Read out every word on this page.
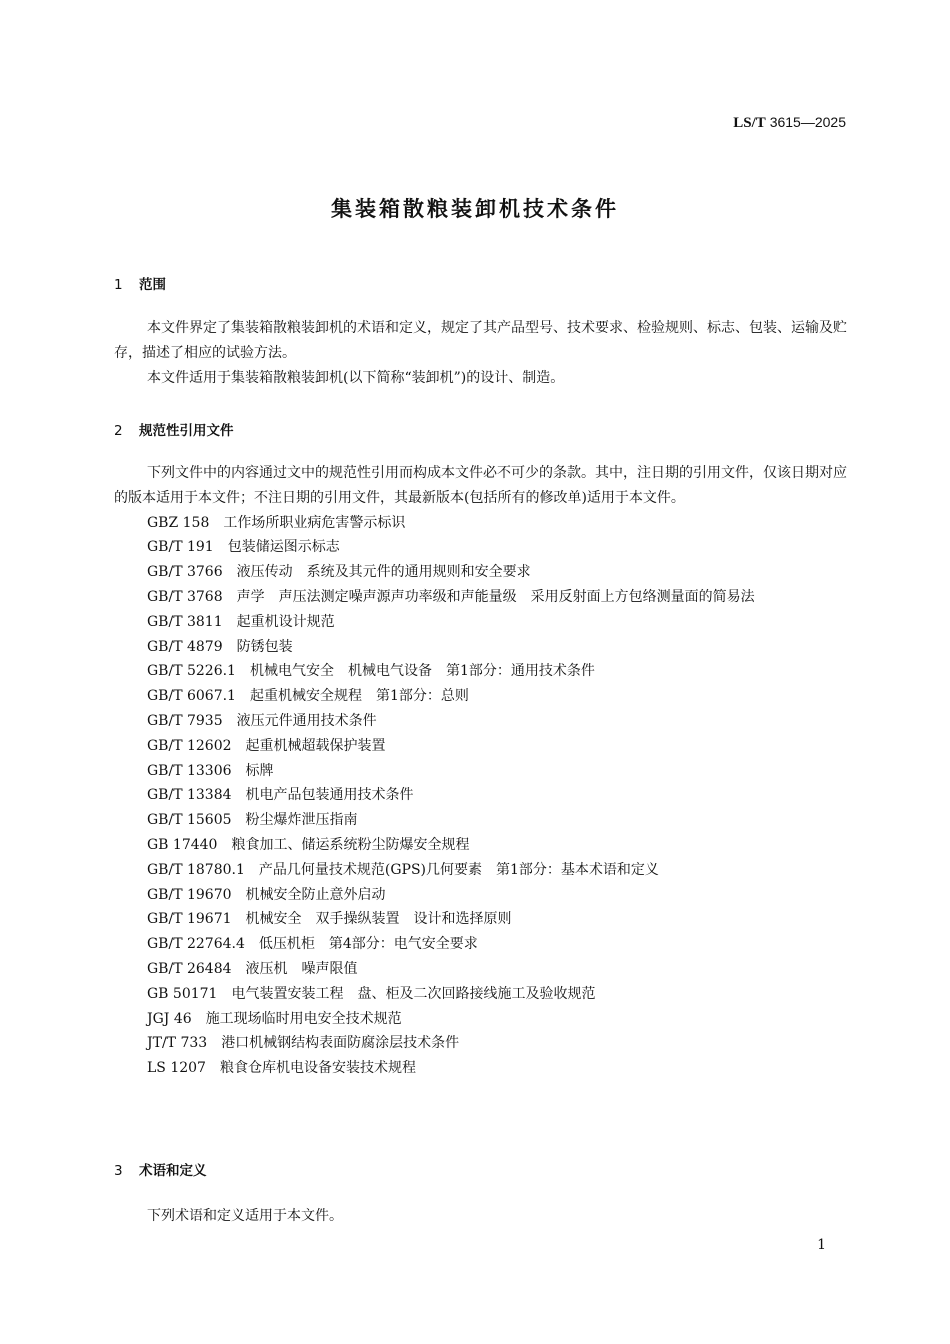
LS/T 3615—2025
集装箱散粮装卸机技术条件
1 范围

本文件界定了集装箱散粮装卸机的术语和定义，规定了其产品型号、技术要求、检验规则、标志、包装、运输及贮存，描述了相应的试验方法。

本文件适用于集装箱散粮装卸机(以下简称“装卸机”)的设计、制造。

2 规范性引用文件

下列文件中的内容通过文中的规范性引用而构成本文件必不可少的条款。其中，注日期的引用文件，仅该日期对应的版本适用于本文件；不注日期的引用文件，其最新版本(包括所有的修改单)适用于本文件。

GBZ 158 工作场所职业病危害警示标识
GB/T 191 包装储运图示标志
GB/T 3766 液压传动　系统及其元件的通用规则和安全要求
GB/T 3768 声学　声压法测定噪声源声功率级和声能量级　采用反射面上方包络测量面的简易法
GB/T 3811 起重机设计规范
GB/T 4879 防锈包装
GB/T 5226.1 机械电气安全　机械电气设备　第1部分：通用技术条件
GB/T 6067.1 起重机械安全规程　第1部分：总则
GB/T 7935 液压元件通用技术条件
GB/T 12602 起重机械超载保护装置
GB/T 13306 标牌
GB/T 13384 机电产品包装通用技术条件
GB/T 15605 粉尘爆炸泄压指南
GB 17440 粮食加工、储运系统粉尘防爆安全规程
GB/T 18780.1 产品几何量技术规范(GPS)几何要素　第1部分：基本术语和定义
GB/T 19670 机械安全防止意外启动
GB/T 19671 机械安全　双手操纵装置　设计和选择原则
GB/T 22764.4 低压机柜　第4部分：电气安全要求
GB/T 26484 液压机　噪声限值
GB 50171 电气装置安装工程　盘、柜及二次回路接线施工及验收规范
JGJ 46 施工现场临时用电安全技术规范
JT/T 733 港口机械钢结构表面防腐涂层技术条件
LS 1207 粮食仓库机电设备安装技术规程
3 术语和定义

下列术语和定义适用于本文件。

1
